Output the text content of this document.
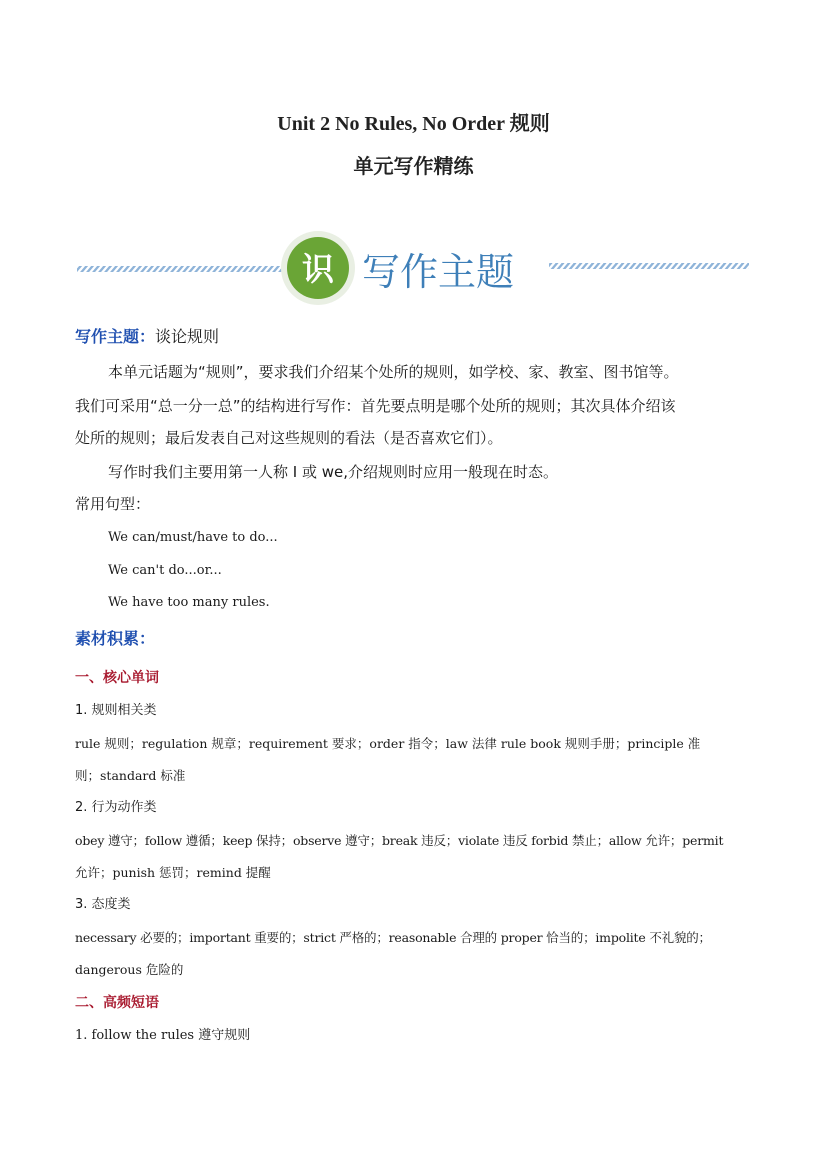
Unit 2 No Rules, No Order 规则
单元写作精练
识 写作主题
写作主题：谈论规则
本单元话题为“规则”，要求我们介绍某个处所的规则，如学校、家、教室、图书馆等。
我们可采用“总一分一总”的结构进行写作：首先要点明是哪个处所的规则；其次具体介绍该
处所的规则；最后发表自己对这些规则的看法（是否喜欢它们）。
写作时我们主要用第一人称 I 或 we,介绍规则时应用一般现在时态。
常用句型：
We can/must/have to do...
We can't do...or...
We have too many rules.
素材积累：
一、核心单词
1. 规则相关类
rule 规则；regulation 规章；requirement 要求；order 指令；law 法律 rule book 规则手册；principle 准
则；standard 标准
2. 行为动作类
obey 遵守；follow 遵循；keep 保持；observe 遵守；break 违反；violate 违反 forbid 禁止；allow 允许；permit
允许；punish 惩罚；remind 提醒
3. 态度类
necessary 必要的；important 重要的；strict 严格的；reasonable 合理的 proper 恰当的；impolite 不礼貌的；
dangerous 危险的
二、高频短语
1. follow the rules 遵守规则
